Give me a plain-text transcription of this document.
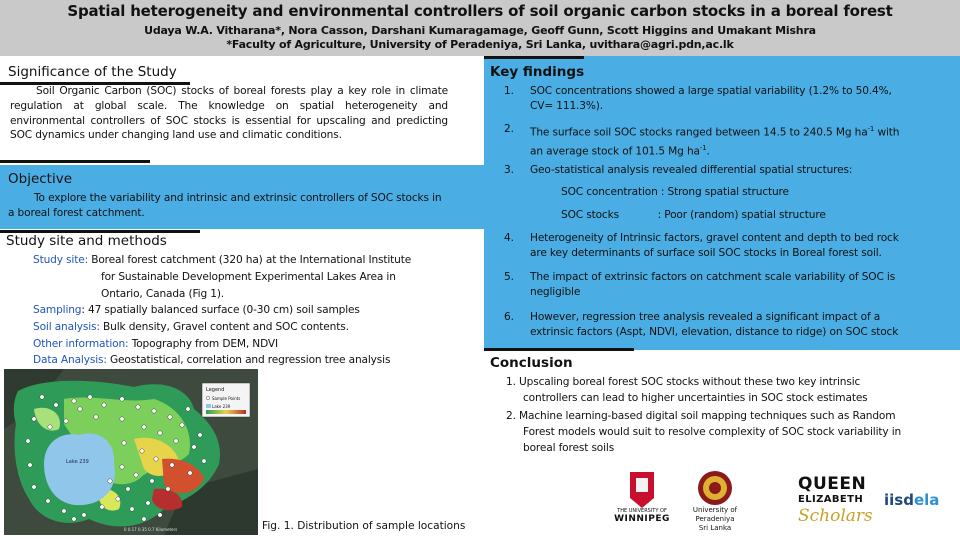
Spatial heterogeneity and environmental controllers of soil organic carbon stocks in a boreal forest
Udaya W.A. Vitharana*, Nora Casson, Darshani Kumaragamage, Geoff Gunn, Scott Higgins and Umakant Mishra
*Faculty of Agriculture, University of Peradeniya, Sri Lanka, uvithara@agri.pdn,ac.lk
Significance of the Study
Soil Organic Carbon (SOC) stocks of boreal forests play a key role in climate regulation at global scale. The knowledge on spatial heterogeneity and environmental controllers of SOC stocks is essential for upscaling and predicting SOC dynamics under changing land use and climatic conditions.
Objective
To explore the variability and intrinsic and extrinsic controllers of SOC stocks in a boreal forest catchment.
Study site and methods
Study site: Boreal forest catchment (320 ha) at the International Institute
for Sustainable Development Experimental Lakes Area in
Ontario, Canada (Fig 1).
Sampling: 47 spatially balanced surface (0-30 cm) soil samples
Soil analysis: Bulk density, Gravel content and SOC contents.
Other information: Topography from DEM, NDVI
Data Analysis: Geostatistical, correlation and regression tree analysis
Lake 239
Legend
Sample Points
Lake 239
0 0.17 0.35 0.7 Kilometers	Fig. 1. Distribution of sample locations
Key findings
1. SOC concentrations showed a large spatial variability (1.2% to 50.4%,
CV= 111.3%).
2. The surface soil SOC stocks ranged between 14.5 to 240.5 Mg $ha^{-1}$ with
an average stock of 101.5 Mg $ha^{-1}$.
3. Geo-statistical analysis revealed differential spatial structures:
SOC concentration : Strong spatial structure
SOC stocks            : Poor (random) spatial structure
4. Heterogeneity of Intrinsic factors, gravel content and depth to bed rock
are key determinants of surface soil SOC stocks in Boreal forest soil.
5. The impact of extrinsic factors on catchment scale variability of SOC is
negligible
6. However, regression tree analysis revealed a significant impact of a
extrinsic factors (Aspt, NDVI, elevation, distance to ridge) on SOC stock
Conclusion
1. Upscaling boreal forest SOC stocks without these two key intrinsic
controllers can lead to higher uncertainties in SOC stock estimates
2. Machine learning-based digital soil mapping techniques such as Random
Forest models would suit to resolve complexity of SOC stock variability in
boreal forest soils
THE UNIVERSITY OF
WINNIPEG
University of Peradeniya
Sri Lanka
QUEEN
ELIZABETH
Scholars
iisdela
